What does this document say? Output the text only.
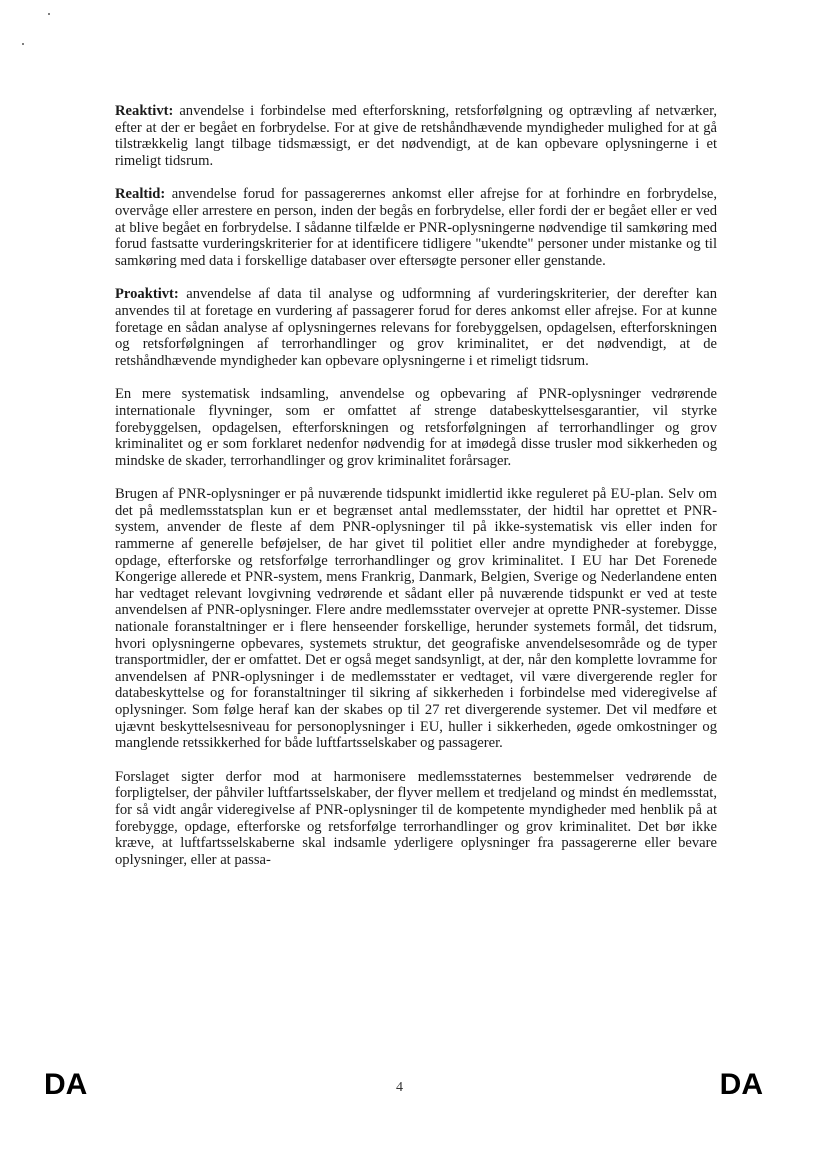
Reaktivt: anvendelse i forbindelse med efterforskning, retsforfølgning og optrævling af netværker, efter at der er begået en forbrydelse. For at give de retshåndhævende myndigheder mulighed for at gå tilstrækkelig langt tilbage tidsmæssigt, er det nødvendigt, at de kan opbevare oplysningerne i et rimeligt tidsrum.

Realtid: anvendelse forud for passagerernes ankomst eller afrejse for at forhindre en forbrydelse, overvåge eller arrestere en person, inden der begås en forbrydelse, eller fordi der er begået eller er ved at blive begået en forbrydelse. I sådanne tilfælde er PNR-oplysningerne nødvendige til samkøring med forud fastsatte vurderingskriterier for at identificere tidligere "ukendte" personer under mistanke og til samkøring med data i forskellige databaser over eftersøgte personer eller genstande.

Proaktivt: anvendelse af data til analyse og udformning af vurderingskriterier, der derefter kan anvendes til at foretage en vurdering af passagerer forud for deres ankomst eller afrejse. For at kunne foretage en sådan analyse af oplysningernes relevans for forebyggelsen, opdagelsen, efterforskningen og retsforfølgningen af terrorhandlinger og grov kriminalitet, er det nødvendigt, at de retshåndhævende myndigheder kan opbevare oplysningerne i et rimeligt tidsrum.

En mere systematisk indsamling, anvendelse og opbevaring af PNR-oplysninger vedrørende internationale flyvninger, som er omfattet af strenge databeskyttelsesgarantier, vil styrke forebyggelsen, opdagelsen, efterforskningen og retsforfølgningen af terrorhandlinger og grov kriminalitet og er som forklaret nedenfor nødvendig for at imødegå disse trusler mod sikkerheden og mindske de skader, terrorhandlinger og grov kriminalitet forårsager.

Brugen af PNR-oplysninger er på nuværende tidspunkt imidlertid ikke reguleret på EU-plan. Selv om det på medlemsstatsplan kun er et begrænset antal medlemsstater, der hidtil har oprettet et PNR-system, anvender de fleste af dem PNR-oplysninger til på ikke-systematisk vis eller inden for rammerne af generelle beføjelser, de har givet til politiet eller andre myndigheder at forebygge, opdage, efterforske og retsforfølge terrorhandlinger og grov kriminalitet. I EU har Det Forenede Kongerige allerede et PNR-system, mens Frankrig, Danmark, Belgien, Sverige og Nederlandene enten har vedtaget relevant lovgivning vedrørende et sådant eller på nuværende tidspunkt er ved at teste anvendelsen af PNR-oplysninger. Flere andre medlemsstater overvejer at oprette PNR-systemer. Disse nationale foranstaltninger er i flere henseender forskellige, herunder systemets formål, det tidsrum, hvori oplysningerne opbevares, systemets struktur, det geografiske anvendelsesområde og de typer transportmidler, der er omfattet. Det er også meget sandsynligt, at der, når den komplette lovramme for anvendelsen af PNR-oplysninger i de medlemsstater er vedtaget, vil være divergerende regler for databeskyttelse og for foranstaltninger til sikring af sikkerheden i forbindelse med videregivelse af oplysninger. Som følge heraf kan der skabes op til 27 ret divergerende systemer. Det vil medføre et ujævnt beskyttelsesniveau for personoplysninger i EU, huller i sikkerheden, øgede omkostninger og manglende retssikkerhed for både luftfartsselskaber og passagerer.

Forslaget sigter derfor mod at harmonisere medlemsstaternes bestemmelser vedrørende de forpligtelser, der påhviler luftfartsselskaber, der flyver mellem et tredjeland og mindst én medlemsstat, for så vidt angår videregivelse af PNR-oplysninger til de kompetente myndigheder med henblik på at forebygge, opdage, efterforske og retsforfølge terrorhandlinger og grov kriminalitet. Det bør ikke kræve, at luftfartsselskaberne skal indsamle yderligere oplysninger fra passagererne eller bevare oplysninger, eller at passa-

DA	4	DA
